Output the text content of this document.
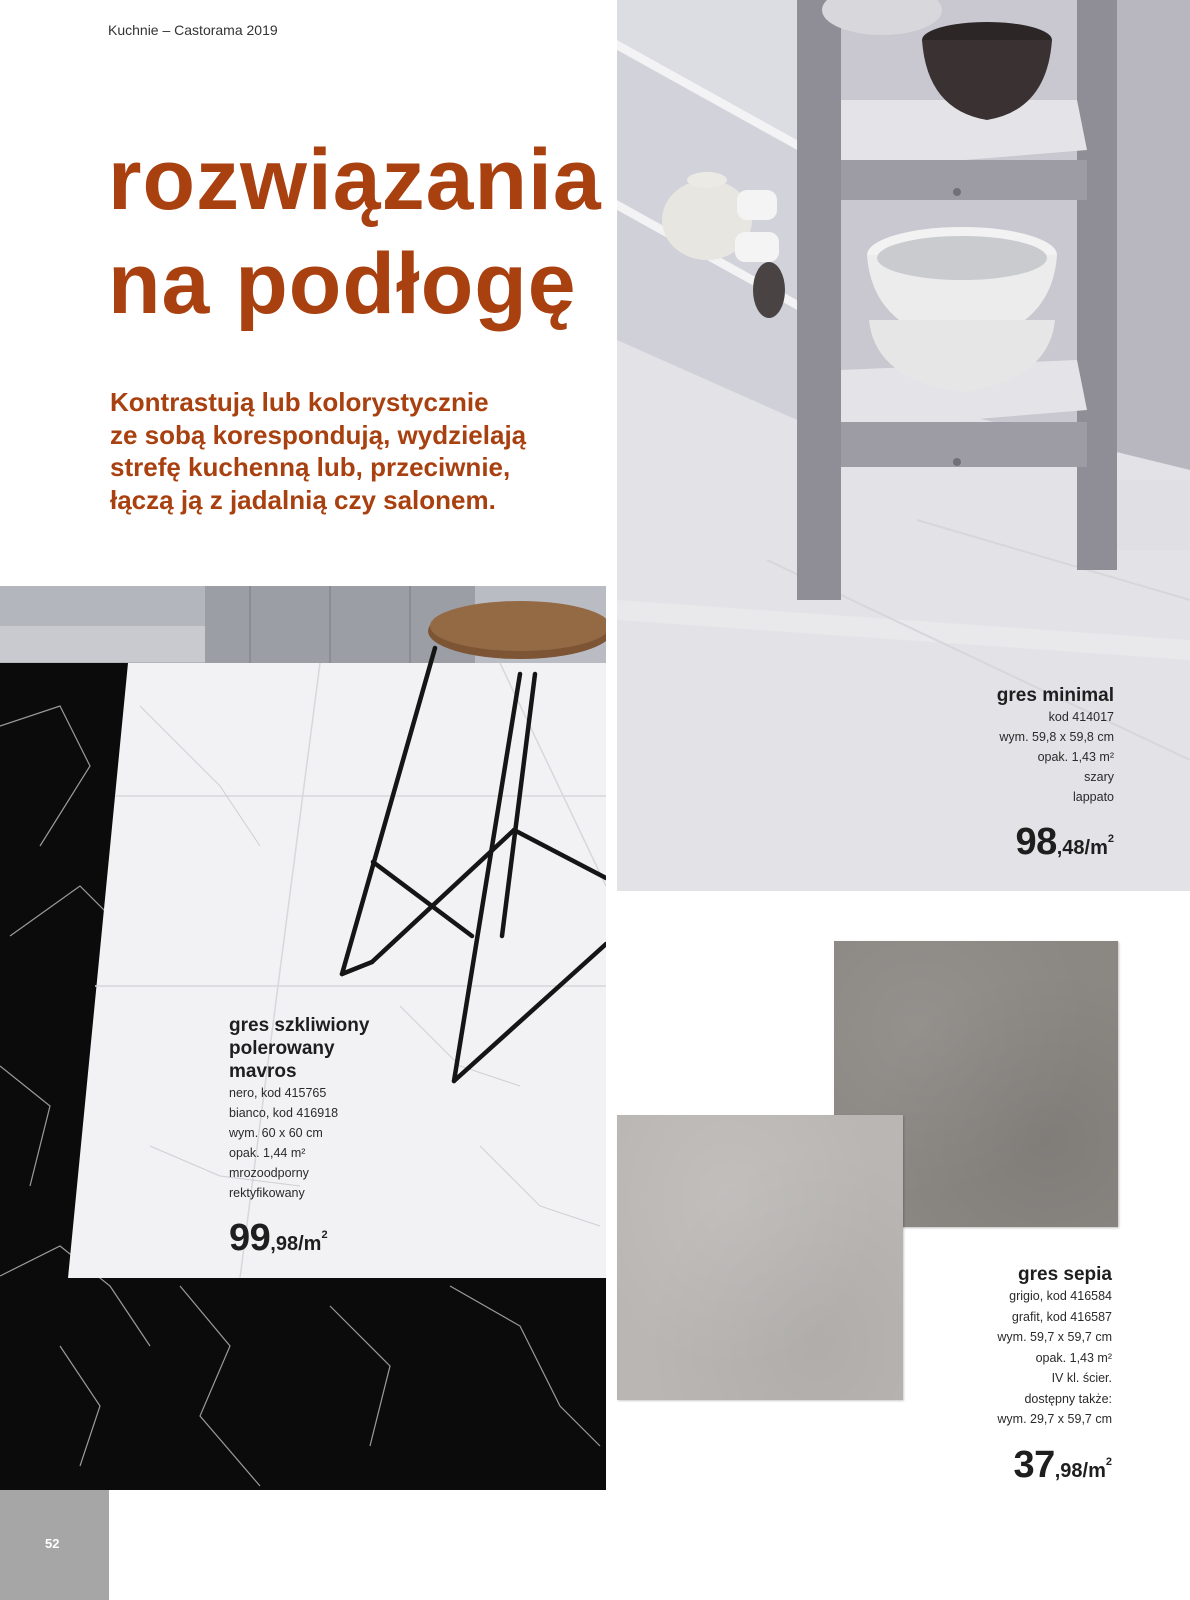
Kuchnie – Castorama 2019
rozwiązania
na podłogę

Kontrastują lub kolorystycznie
ze sobą korespondują, wydzielają
strefę kuchenną lub, przeciwnie,
łączą ją z jadalnią czy salonem.

gres minimal
kod 414017
wym. 59,8 x 59,8 cm
opak. 1,43 m²
szary
lappato
$98,48/m^2$
gres szkliwiony
polerowany
mavros
nero, kod 415765
bianco, kod 416918
wym. 60 x 60 cm
opak. 1,44 m²
mrozoodporny
rektyfikowany
$99,98/m^2$
gres sepia
grigio, kod 416584
grafit, kod 416587
wym. 59,7 x 59,7 cm
opak. 1,43 m²
IV kl. ścier.
dostępny także:
wym. 29,7 x 59,7 cm
$37,98/m^2$
52
